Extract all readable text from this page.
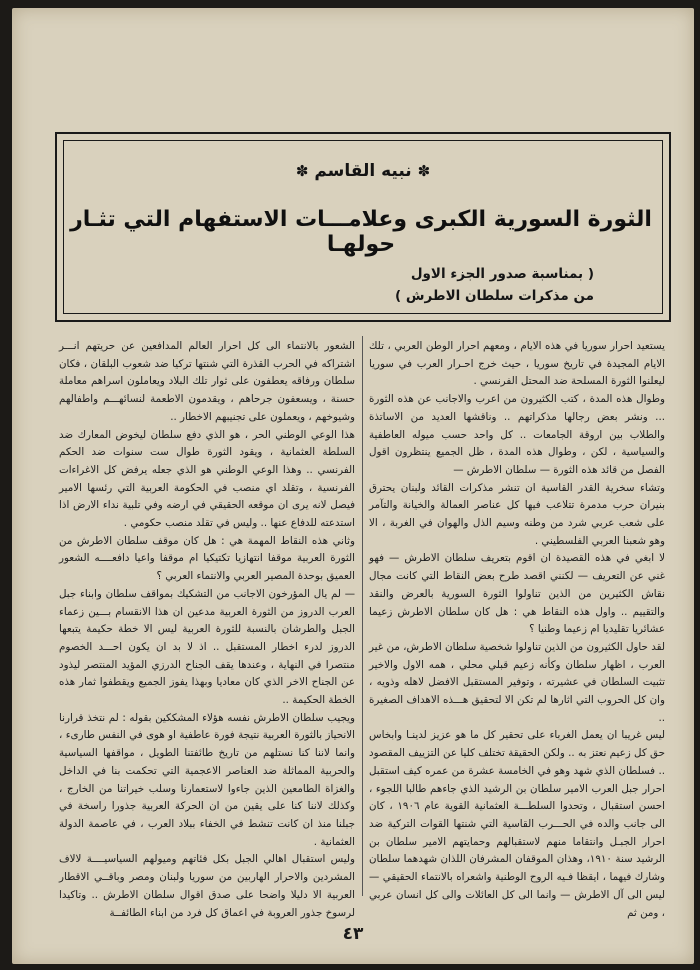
✽ نبيه القاسم ✽
الثورة السورية الكبرى وعلامـــات الاستفهام التي تثـار حولهـا
( بمناسبة صدور الجزء الاول
من مذكرات سلطان الاطرش )

يستعيد احرار سوريا في هذه الايام ، ومعهم احرار الوطن العربي ، تلك الايام المجيدة في تاريخ سوريا ، حيث خرج احـرار العرب في سوريا ليعلنوا الثورة المسلحة ضد المحتل الفرنسي .

وطوال هذه المدة ، كتب الكثيرون من اعرب والاجانب عن هذه الثورة ... ونشر بعض رجالها مذكراتهم .. وناقشها العديد من الاساتذة والطلاب بين اروقة الجامعات .. كل واحد حسب ميوله العاطفية والسياسية ، لكن ، وطوال هذه المدة ، ظل الجميع ينتظرون اقول الفصل من قائد هذه الثورة — سلطان الاطرش —

وتشاء سخرية القدر القاسية ان تنشر مذكرات القائد ولبنان يحترق بنيران حرب مدمرة تتلاعب فيها كل عناصر العمالة والخيانة والتآمر على شعب عربي شرد من وطنه وسيم الذل والهوان في الغربة ، الا وهو شعبنا العربي الفلسطيني .

لا ابغي في هذه القصيدة ان اقوم بتعريف سلطان الاطرش — فهو غني عن التعريف — لكنني اقصد طرح بعض النقاط التي كانت مجال نقاش الكثيرين من الذين تناولوا الثورة السورية بالعرض والنقد والتقييم .. واول هذه النقاط هي : هل كان سلطان الاطرش زعيما عشائريا تقليديا ام زعيما وطنيا ؟

لقد حاول الكثيرون من الذين تناولوا شخصية سلطان الاطرش، من غير العرب ، اظهار سلطان وكأنه زعيم قبلي محلي ، همه الاول والاخير تثبيت السلطان في عشيرته ، وتوفير المستقبل الافضل لاهله وذويه ، وان كل الحروب التي اثارها لم تكن الا لتحقيق هـــذه الاهداف الصغيرة ..

ليس غريبا ان يعمل الغرباء على تحقير كل ما هو عزيز لدينـا وابخاس حق كل زعيم نعتز به .. ولكن الحقيقة تختلف كليا عن التزييف المقصود .. فسلطان الذي شهد وهو في الخامسة عشرة من عمره كيف استقبل احرار جبل العرب الامير سلطان بن الرشيد الذي جاءهم طالبا اللجوء ، احسن استقبال ، وتحدوا السلطـــة العثمانية القوية عام ١٩٠٦ ، كان الى جانب والده في الحـــرب القاسية التي شنتها القوات التركية ضد احرار الجبـل وانتقاما منهم لاستقبالهم وحمايتهم الامير سلطان بن الرشيد سنة ١٩١٠، وهذان الموقفان المشرفان اللذان شهدهما سلطان وشارك فيهما ، ايقظا فـيه الروح الوطنية واشعراه بالانتماء الحقيقي — ليس الى آل الاطرش — وانما الى كل العائلات والى كل انسان عربي ، ومن ثم

الشعور بالانتماء الى كل احرار العالم المدافعين عن حريتهم انـــر اشتراكه في الحرب القذرة التي شنتها تركيا ضد شعوب البلقان ، فكان سلطان ورفاقه يعطفون على ثوار تلك البلاد ويعاملون اسراهم معاملة حسنة ، ويسعفون جرحاهم ، ويقدمون الاطعمة لنسائهـــم واطفالهم وشيوخهم ، ويعملون على تجنيبهم الاخطار ..

هذا الوعي الوطني الحر ، هو الذي دفع سلطان ليخوض المعارك ضد السلطة العثمانية ، ويقود الثورة طوال ست سنوات ضد الحكم الفرنسي .. وهذا الوعي الوطني هو الذي جعله يرفض كل الاغراءات الفرنسية ، وتقلد اي منصب في الحكومة العربية التي رئسها الامير فيصل لانه يرى ان موقعه الحقيقي في ارضه وفي تلبية نداء الارض اذا استدعته للدفاع عنها .. وليس في تقلد منصب حكومي .

وثاني هذه النقاط المهمة هي : هل كان موقف سلطان الاطرش من الثورة العربية موقفا انتهازيا تكتيكيا ام موقفا واعيا دافعــــه الشعور العميق بوحدة المصير العربي والانتماء العربي ؟

— لم يال المؤرخون الاجانب من التشكيك بمواقف سلطان وابناء جبل العرب الدروز من الثورة العربية مدعين ان هذا الانقسام بـــين زعماء الجبل والطرشان بالنسبة للثورة العربية ليس الا خطة حكيمة يتبعها الدروز لدرء اخطار المستقبل .. اذ لا بد ان يكون احـــد الخصوم منتصرا في النهاية ، وعندها يقف الجناح الدرزي المؤيد المنتصر ليذود عن الجناح الاخر الذي كان معاديا وبهذا يفوز الجميع ويقطفوا ثمار هذه الخطة الحكيمة ..

ويجيب سلطان الاطرش نفسه هؤلاء المشككين بقوله : لم نتخذ قرارنا الانحياز بالثورة العربية نتيجة فورة عاطفية او هوى في النفس طارىء ، وانما لاننا كنا نستلهم من تاريخ طائفتنا الطويل ، مواقفها السياسية والحربية المماثلة ضد العناصر الاعجمية التي تحكمت بنا في الداخل والغزاة الطامعين الذين جاءوا لاستعمارنا وسلب خيراتنا من الخارج ، وكذلك لاننا كنا على يقين من ان الحركة العربية جذورا راسخة في جبلنا منذ ان كانت تنشط في الخفاء ببلاد العرب ، في عاصمة الدولة العثمانية .

وليس استقبال اهالي الجبل بكل فئاتهم وميولهم السياسيــــة لالاف المشردين والاحرار الهاربين من سوريا ولبنان ومصر وباقــي الاقطار العربية الا دليلا واضحا على صدق اقوال سلطان الاطرش .. وتاكيدا لرسوخ جذور العروبة في اعماق كل فرد من ابناء الطائفــة

٤٣
